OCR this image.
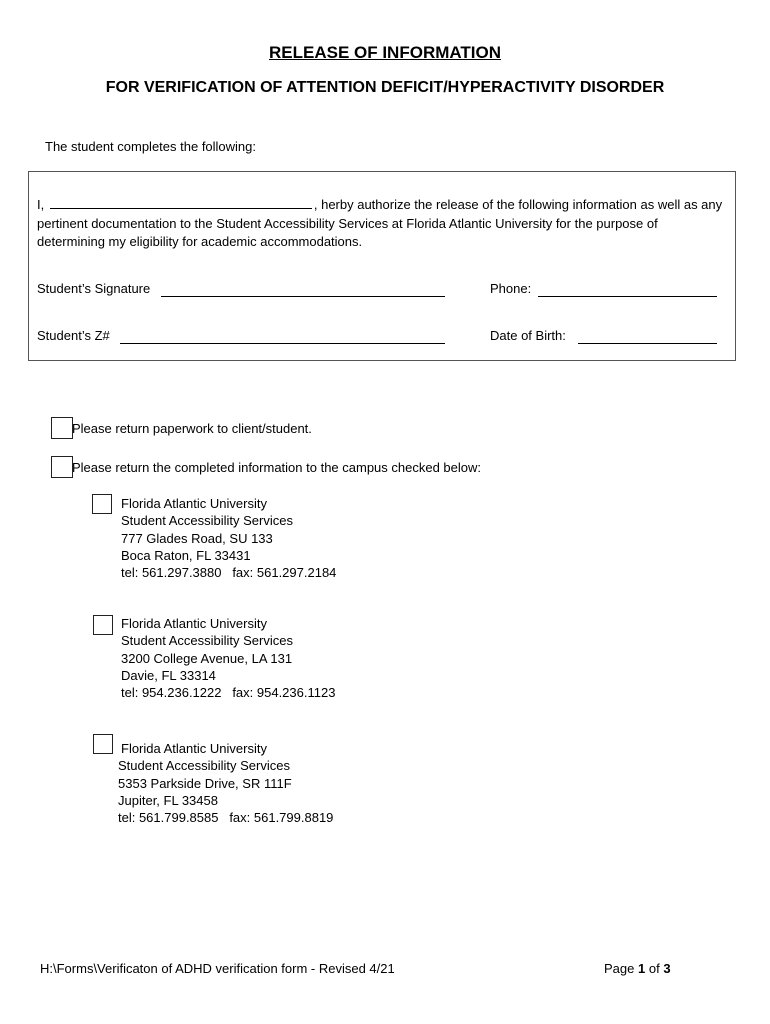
RELEASE OF INFORMATION
FOR VERIFICATION OF ATTENTION DEFICIT/HYPERACTIVITY DISORDER
The student completes the following:
I,	, herby authorize the release of the following information as well as any pertinent documentation to the Student Accessibility Services at Florida Atlantic University for the purpose of determining my eligibility for academic accommodations.
Student’s Signature	Phone:
Student’s Z#	Date of Birth:
Please return paperwork to client/student.
Please return the completed information to the campus checked below:
Florida Atlantic University
Student Accessibility Services
777 Glades Road, SU 133
Boca Raton, FL 33431
tel: 561.297.3880   fax: 561.297.2184
Florida Atlantic University
Student Accessibility Services
3200 College Avenue, LA 131
Davie, FL 33314
tel: 954.236.1222   fax: 954.236.1123
Florida Atlantic University
Student Accessibility Services
5353 Parkside Drive, SR 111F
Jupiter, FL 33458
tel: 561.799.8585   fax: 561.799.8819
H:\Forms\Verificaton of ADHD verification form - Revised 4/21	Page 1 of 3
